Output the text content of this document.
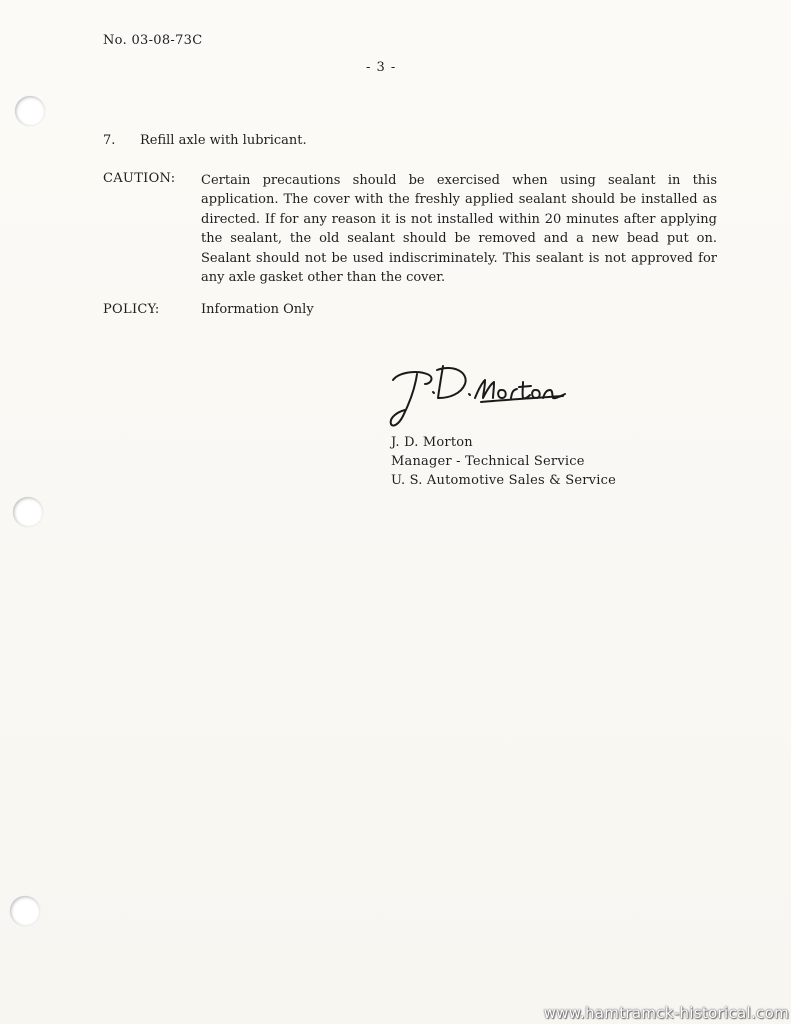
No. 03-08-73C
- 3 -
7. Refill axle with lubricant.
CAUTION: Certain precautions should be exercised when using sealant in this application. The cover with the freshly applied sealant should be installed as directed. If for any reason it is not installed within 20 minutes after applying the sealant, the old sealant should be removed and a new bead put on. Sealant should not be used indiscriminately. This sealant is not approved for any axle gasket other than the cover.

POLICY:	Information Only
J. D. Morton
Manager - Technical Service
U. S. Automotive Sales & Service
www.hamtramck-historical.com
